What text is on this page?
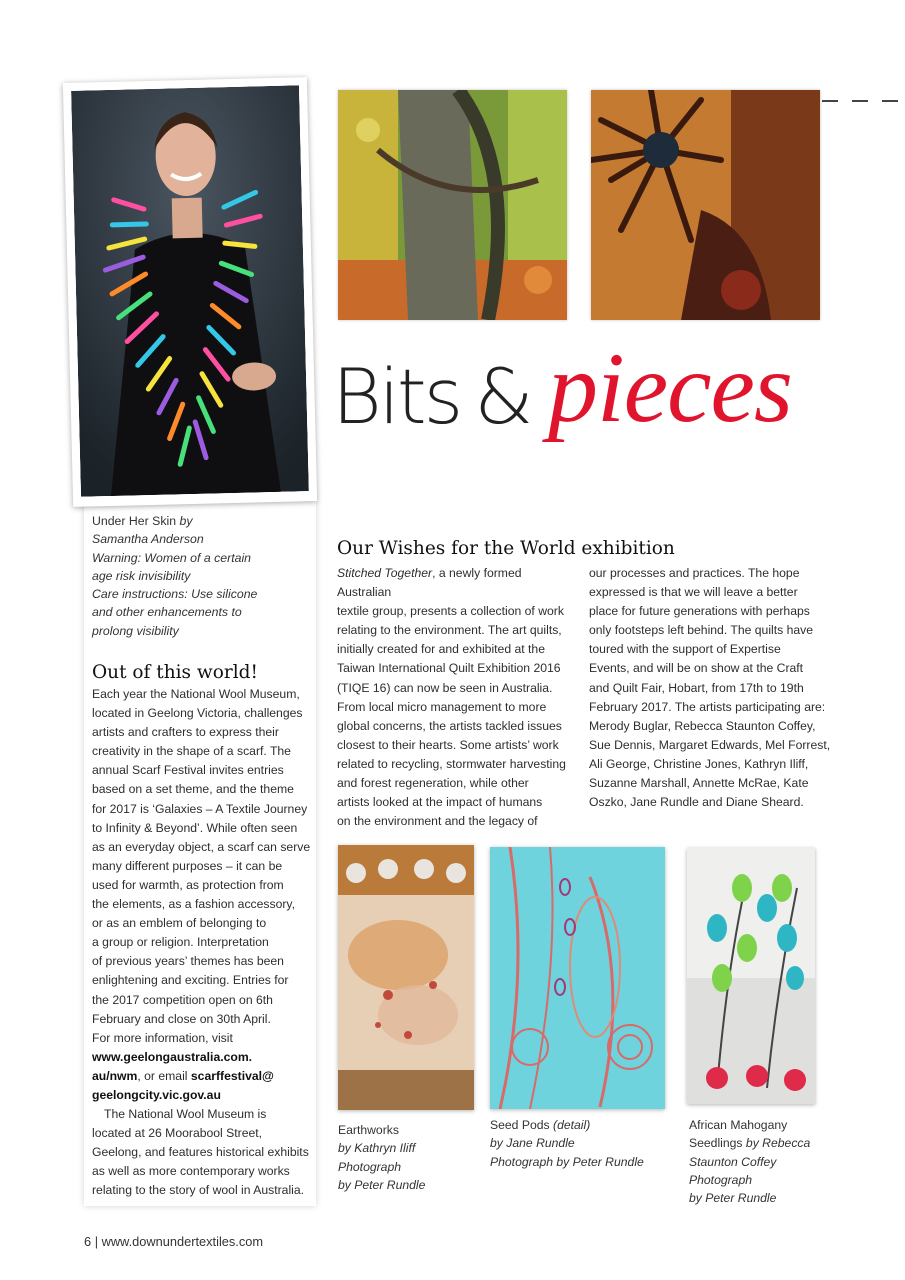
Bits & pieces
Under Her Skin by
Samantha Anderson
Warning: Women of a certain
age risk invisibility
Care instructions: Use silicone
and other enhancements to
prolong visibility
Out of this world!
Each year the National Wool Museum,
located in Geelong Victoria, challenges
artists and crafters to express their
creativity in the shape of a scarf. The
annual Scarf Festival invites entries
based on a set theme, and the theme
for 2017 is ‘Galaxies – A Textile Journey
to Infinity & Beyond’. While often seen
as an everyday object, a scarf can serve
many different purposes – it can be
used for warmth, as protection from
the elements, as a fashion accessory,
or as an emblem of belonging to
a group or religion. Interpretation
of previous years’ themes has been
enlightening and exciting. Entries for
the 2017 competition open on 6th
February and close on 30th April.
For more information, visit
www.geelongaustralia.com.
au/nwm, or email scarffestival@
geelongcity.vic.gov.au
The National Wool Museum is
located at 26 Moorabool Street,
Geelong, and features historical exhibits
as well as more contemporary works
relating to the story of wool in Australia.
Our Wishes for the World exhibition
Stitched Together, a newly formed Australian
textile group, presents a collection of work
relating to the environment. The art quilts,
initially created for and exhibited at the
Taiwan International Quilt Exhibition 2016
(TIQE 16) can now be seen in Australia.
From local micro management to more
global concerns, the artists tackled issues
closest to their hearts. Some artists’ work
related to recycling, stormwater harvesting
and forest regeneration, while other
artists looked at the impact of humans
on the environment and the legacy of
our processes and practices. The hope
expressed is that we will leave a better
place for future generations with perhaps
only footsteps left behind. The quilts have
toured with the support of Expertise
Events, and will be on show at the Craft
and Quilt Fair, Hobart, from 17th to 19th
February 2017. The artists participating are:
Merody Buglar, Rebecca Staunton Coffey,
Sue Dennis, Margaret Edwards, Mel Forrest,
Ali George, Christine Jones, Kathryn Iliff,
Suzanne Marshall, Annette McRae, Kate
Oszko, Jane Rundle and Diane Sheard.
Earthworks
by Kathryn Iliff
Photograph
by Peter Rundle
Seed Pods (detail)
by Jane Rundle
Photograph by Peter Rundle
African Mahogany
Seedlings by Rebecca
Staunton Coffey
Photograph
by Peter Rundle
6 | www.downundertextiles.com
